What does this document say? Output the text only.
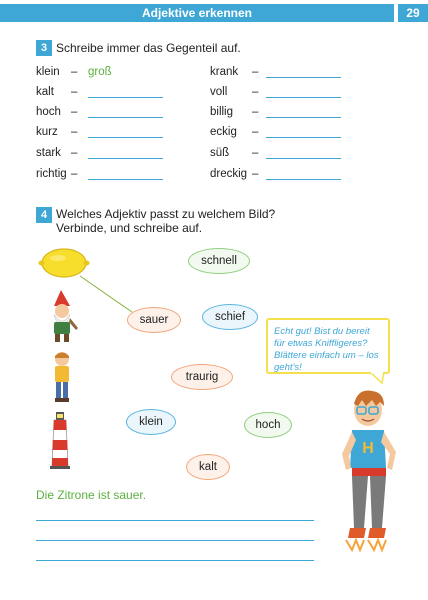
Adjektive erkennen	29
3 Schreibe immer das Gegenteil auf.
klein – groß
kalt –
hoch –
kurz –
stark –
richtig –
krank –
voll –
billig –
eckig –
süß –
dreckig –
4 Welches Adjektiv passt zu welchem Bild?
Verbinde, und schreibe auf.
schnell
sauer	schief
traurig
klein	hoch
kalt
Echt gut! Bist du bereit für etwas Kniffligeres? Blättere einfach um – los geht’s!
H
Die Zitrone ist sauer.
